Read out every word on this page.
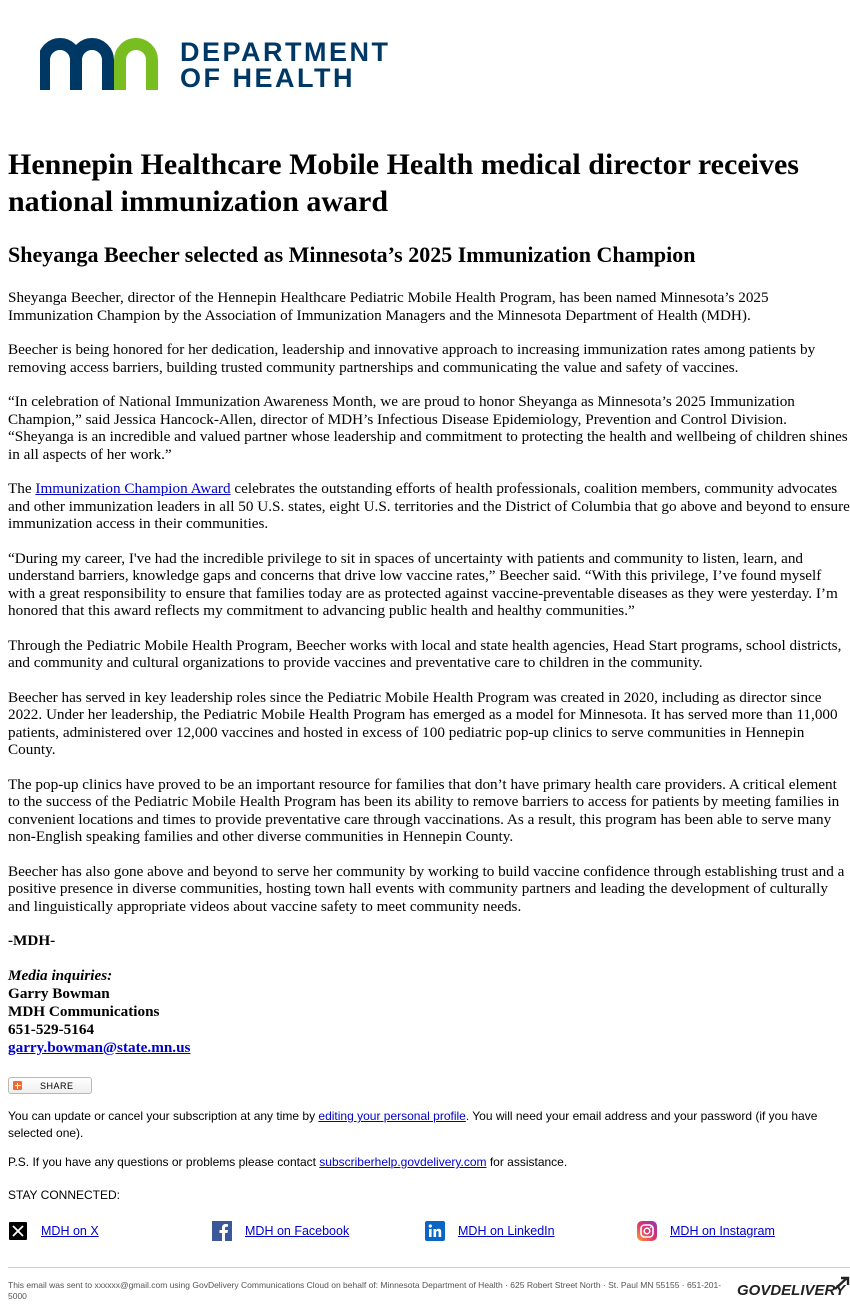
DEPARTMENT
OF HEALTH
Hennepin Healthcare Mobile Health medical director receives national immunization award
Sheyanga Beecher selected as Minnesota’s 2025 Immunization Champion

Sheyanga Beecher, director of the Hennepin Healthcare Pediatric Mobile Health Program, has been named Minnesota’s 2025 Immunization Champion by the Association of Immunization Managers and the Minnesota Department of Health (MDH).

Beecher is being honored for her dedication, leadership and innovative approach to increasing immunization rates among patients by removing access barriers, building trusted community partnerships and communicating the value and safety of vaccines.

“In celebration of National Immunization Awareness Month, we are proud to honor Sheyanga as Minnesota’s 2025 Immunization Champion,” said Jessica Hancock-Allen, director of MDH’s Infectious Disease Epidemiology, Prevention and Control Division. “Sheyanga is an incredible and valued partner whose leadership and commitment to protecting the health and wellbeing of children shines in all aspects of her work.”

The Immunization Champion Award celebrates the outstanding efforts of health professionals, coalition members, community advocates and other immunization leaders in all 50 U.S. states, eight U.S. territories and the District of Columbia that go above and beyond to ensure immunization access in their communities.

“During my career, I've had the incredible privilege to sit in spaces of uncertainty with patients and community to listen, learn, and understand barriers, knowledge gaps and concerns that drive low vaccine rates,” Beecher said. “With this privilege, I’ve found myself with a great responsibility to ensure that families today are as protected against vaccine-preventable diseases as they were yesterday. I’m honored that this award reflects my commitment to advancing public health and healthy communities.”

Through the Pediatric Mobile Health Program, Beecher works with local and state health agencies, Head Start programs, school districts, and community and cultural organizations to provide vaccines and preventative care to children in the community.

Beecher has served in key leadership roles since the Pediatric Mobile Health Program was created in 2020, including as director since 2022. Under her leadership, the Pediatric Mobile Health Program has emerged as a model for Minnesota. It has served more than 11,000 patients, administered over 12,000 vaccines and hosted in excess of 100 pediatric pop-up clinics to serve communities in Hennepin County.

The pop-up clinics have proved to be an important resource for families that don’t have primary health care providers. A critical element to the success of the Pediatric Mobile Health Program has been its ability to remove barriers to access for patients by meeting families in convenient locations and times to provide preventative care through vaccinations. As a result, this program has been able to serve many non-English speaking families and other diverse communities in Hennepin County.

Beecher has also gone above and beyond to serve her community by working to build vaccine confidence through establishing trust and a positive presence in diverse communities, hosting town hall events with community partners and leading the development of culturally and linguistically appropriate videos about vaccine safety to meet community needs.

-MDH-
Media inquiries:
Garry Bowman
MDH Communications
651-529-5164
garry.bowman@state.mn.us
SHARE
You can update or cancel your subscription at any time by editing your personal profile. You will need your email address and your password (if you have selected one).
P.S. If you have any questions or problems please contact subscriberhelp.govdelivery.com for assistance.
STAY CONNECTED:
MDH on X	MDH on Facebook	MDH on LinkedIn	MDH on Instagram
This email was sent to xxxxxx@gmail.com using GovDelivery Communications Cloud on behalf of: Minnesota Department of Health · 625 Robert Street North · St. Paul MN 55155 · 651-201-5000	GOVDELIVERY
